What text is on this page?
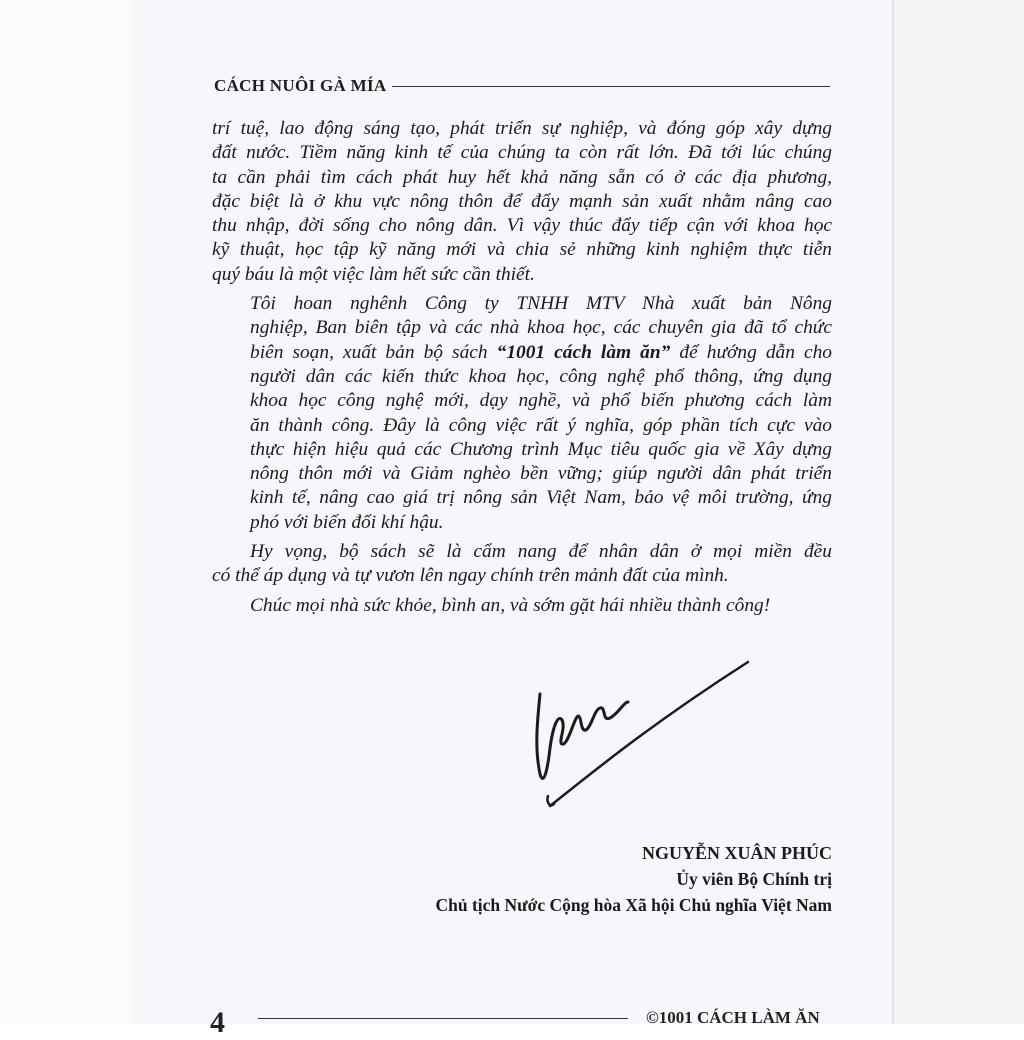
CÁCH NUÔI GÀ MÍA

trí tuệ, lao động sáng tạo, phát triển sự nghiệp, và đóng góp xây dựng
đất nước. Tiềm năng kinh tế của chúng ta còn rất lớn. Đã tới lúc chúng
ta cần phải tìm cách phát huy hết khả năng sẵn có ở các địa phương,
đặc biệt là ở khu vực nông thôn để đẩy mạnh sản xuất nhằm nâng cao
thu nhập, đời sống cho nông dân. Vì vậy thúc đẩy tiếp cận với khoa học
kỹ thuật, học tập kỹ năng mới và chia sẻ những kinh nghiệm thực tiễn
quý báu là một việc làm hết sức cần thiết.

Tôi hoan nghênh Công ty TNHH MTV Nhà xuất bản Nông
nghiệp, Ban biên tập và các nhà khoa học, các chuyên gia đã tổ chức
biên soạn, xuất bản bộ sách “1001 cách làm ăn” để hướng dẫn cho
người dân các kiến thức khoa học, công nghệ phổ thông, ứng dụng
khoa học công nghệ mới, dạy nghề, và phổ biến phương cách làm
ăn thành công. Đây là công việc rất ý nghĩa, góp phần tích cực vào
thực hiện hiệu quả các Chương trình Mục tiêu quốc gia về Xây dựng
nông thôn mới và Giảm nghèo bền vững; giúp người dân phát triển
kinh tế, nâng cao giá trị nông sản Việt Nam, bảo vệ môi trường, ứng
phó với biến đổi khí hậu.

Hy vọng, bộ sách sẽ là cẩm nang để nhân dân ở mọi miền đều
có thể áp dụng và tự vươn lên ngay chính trên mảnh đất của mình.

Chúc mọi nhà sức khỏe, bình an, và sớm gặt hái nhiều thành công!

NGUYỄN XUÂN PHÚC
Ủy viên Bộ Chính trị
Chủ tịch Nước Cộng hòa Xã hội Chủ nghĩa Việt Nam
4	©1001 CÁCH LÀM ĂN
